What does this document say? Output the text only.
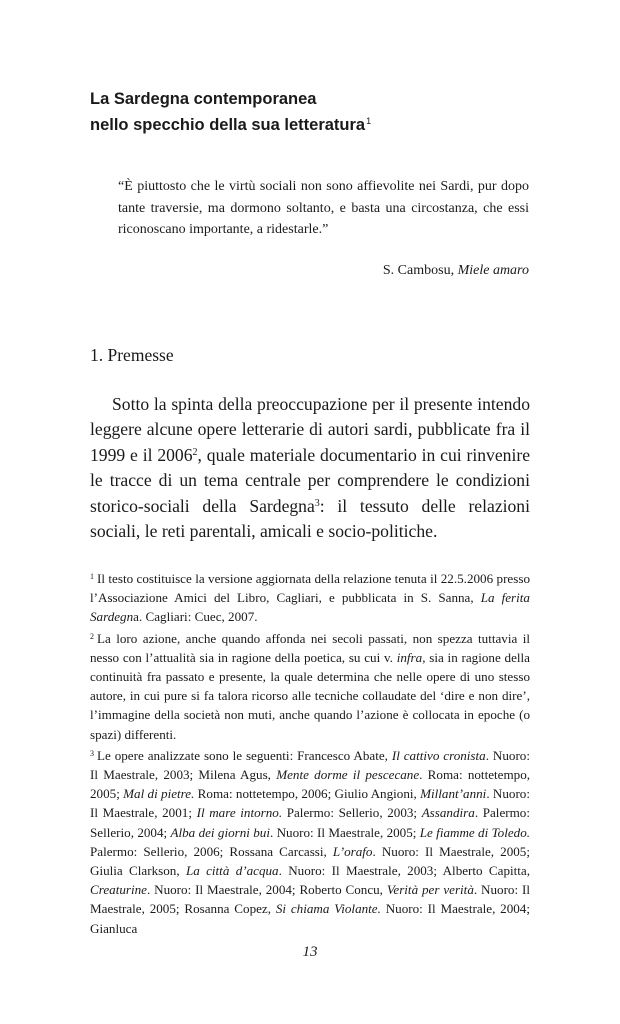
La Sardegna contemporanea
nello specchio della sua letteratura$^1$

“È piuttosto che le virtù sociali non sono affievolite nei Sardi, pur dopo tante traversie, ma dormono soltanto, e basta una circostanza, che essi riconoscano importante, a ridestarle.”

S. Cambosu, Miele amaro
1. Premesse

Sotto la spinta della preoccupazione per il presente intendo leggere alcune opere letterarie di autori sardi, pubblicate fra il 1999 e il 2006$^2$, quale materiale documentario in cui rinvenire le tracce di un tema centrale per comprendere le condizioni storico-sociali della Sardegna$^3$: il tessuto delle relazioni sociali, le reti parentali, amicali e socio-politiche.

$^1$ Il testo costituisce la versione aggiornata della relazione tenuta il 22.5.2006 presso l’Associazione Amici del Libro, Cagliari, e pubblicata in S. Sanna, La ferita Sardegna. Cagliari: Cuec, 2007.

$^2$ La loro azione, anche quando affonda nei secoli passati, non spezza tuttavia il nesso con l’attualità sia in ragione della poetica, su cui v. infra, sia in ragione della continuità fra passato e presente, la quale determina che nelle opere di uno stesso autore, in cui pure si fa talora ricorso alle tecniche collaudate del ‘dire e non dire’, l’immagine della società non muti, anche quando l’azione è collocata in epoche (o spazi) differenti.

$^3$ Le opere analizzate sono le seguenti: Francesco Abate, Il cattivo cronista. Nuoro: Il Maestrale, 2003; Milena Agus, Mente dorme il pescecane. Roma: nottetempo, 2005; Mal di pietre. Roma: nottetempo, 2006; Giulio Angioni, Millant’anni. Nuoro: Il Maestrale, 2001; Il mare intorno. Palermo: Sellerio, 2003; Assandira. Palermo: Sellerio, 2004; Alba dei giorni bui. Nuoro: Il Maestrale, 2005; Le fiamme di Toledo. Palermo: Sellerio, 2006; Rossana Carcassi, L’orafo. Nuoro: Il Maestrale, 2005; Giulia Clarkson, La città d’acqua. Nuoro: Il Maestrale, 2003; Alberto Capitta, Creaturine. Nuoro: Il Maestrale, 2004; Roberto Concu, Verità per verità. Nuoro: Il Maestrale, 2005; Rosanna Copez, Si chiama Violante. Nuoro: Il Maestrale, 2004; Gianluca

13
